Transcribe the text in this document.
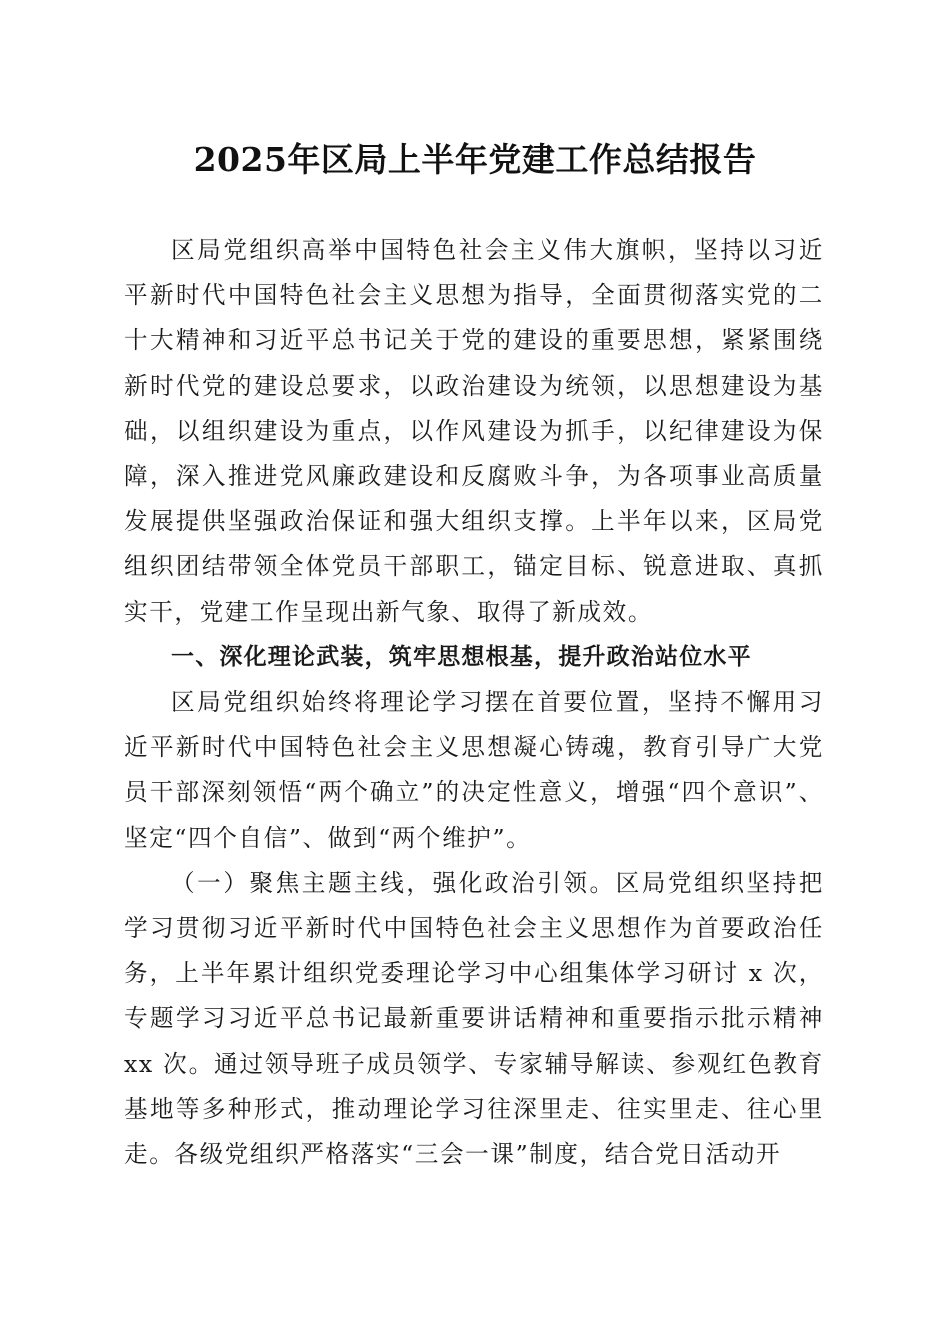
2025年区局上半年党建工作总结报告

区局党组织高举中国特色社会主义伟大旗帜，坚持以习近平新时代中国特色社会主义思想为指导，全面贯彻落实党的二十大精神和习近平总书记关于党的建设的重要思想，紧紧围绕新时代党的建设总要求，以政治建设为统领，以思想建设为基础，以组织建设为重点，以作风建设为抓手，以纪律建设为保障，深入推进党风廉政建设和反腐败斗争，为各项事业高质量发展提供坚强政治保证和强大组织支撑。上半年以来，区局党组织团结带领全体党员干部职工，锚定目标、锐意进取、真抓实干，党建工作呈现出新气象、取得了新成效。

一、深化理论武装，筑牢思想根基，提升政治站位水平

区局党组织始终将理论学习摆在首要位置，坚持不懈用习近平新时代中国特色社会主义思想凝心铸魂，教育引导广大党员干部深刻领悟“两个确立”的决定性意义，增强“四个意识”、坚定“四个自信”、做到“两个维护”。

（一）聚焦主题主线，强化政治引领。区局党组织坚持把学习贯彻习近平新时代中国特色社会主义思想作为首要政治任务，上半年累计组织党委理论学习中心组集体学习研讨 x 次，专题学习习近平总书记最新重要讲话精神和重要指示批示精神 xx 次。通过领导班子成员领学、专家辅导解读、参观红色教育基地等多种形式，推动理论学习往深里走、往实里走、往心里走。各级党组织严格落实“三会一课”制度，结合党日活动开
